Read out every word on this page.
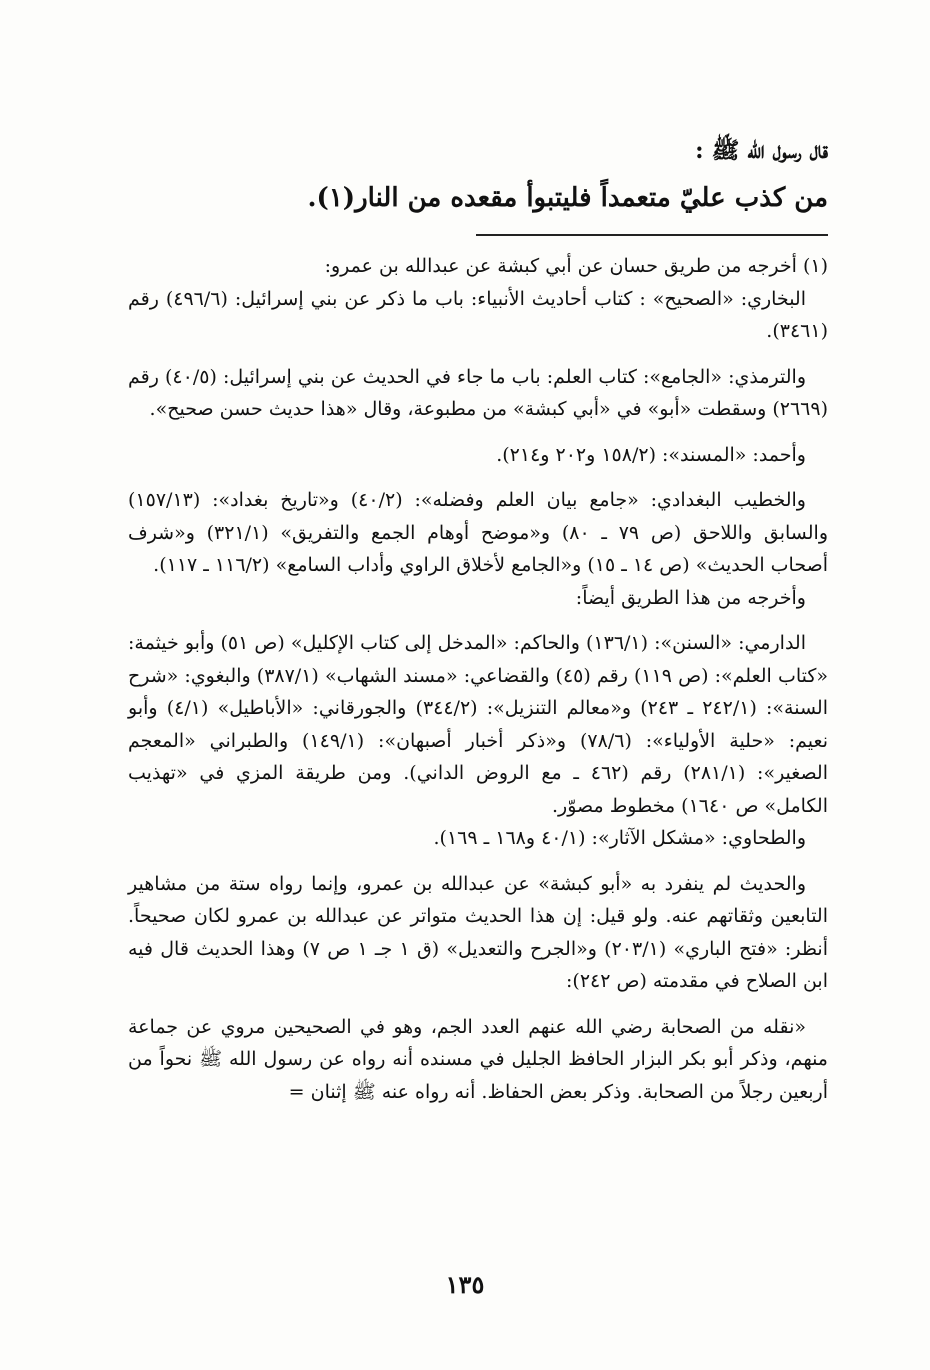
قال رسول الله ﷺ :
من كذب عليّ متعمداً فليتبوأ مقعده من النار(١).

(١) أخرجه من طريق حسان عن أبي كبشة عن عبدالله بن عمرو:

البخاري: «الصحيح» : كتاب أحاديث الأنبياء: باب ما ذكر عن بني إسرائيل: (٤٩٦/٦) رقم (٣٤٦١).

والترمذي: «الجامع»: كتاب العلم: باب ما جاء في الحديث عن بني إسرائيل: (٤٠/٥) رقم (٢٦٦٩) وسقطت «أبو» في «أبي كبشة» من مطبوعة، وقال «هذا حديث حسن صحيح».

وأحمد: «المسند»: (١٥٨/٢ و٢٠٢ و٢١٤).

والخطيب البغدادي: «جامع بيان العلم وفضله»: (٤٠/٢) و«تاريخ بغداد»: (١٥٧/١٣) والسابق واللاحق (ص ٧٩ ـ ٨٠) و«موضح أوهام الجمع والتفريق» (٣٢١/١) و«شرف أصحاب الحديث» (ص ١٤ ـ ١٥) و«الجامع لأخلاق الراوي وأداب السامع» (١١٦/٢ ـ ١١٧).

وأخرجه من هذا الطريق أيضاً:

الدارمي: «السنن»: (١٣٦/١) والحاكم: «المدخل إلى كتاب الإكليل» (ص ٥١) وأبو خيثمة: «كتاب العلم»: (ص ١١٩) رقم (٤٥) والقضاعي: «مسند الشهاب» (٣٨٧/١) والبغوي: «شرح السنة»: (٢٤٢/١ ـ ٢٤٣) و«معالم التنزيل»: (٣٤٤/٢) والجورقاني: «الأباطيل» (٤/١) وأبو نعيم: «حلية الأولياء»: (٧٨/٦) و«ذكر أخبار أصبهان»: (١٤٩/١) والطبراني «المعجم الصغير»: (٢٨١/١) رقم (٤٦٢ ـ مع الروض الداني). ومن طريقة المزي في «تهذيب الكامل» ص ١٦٤٠) مخطوط مصوّر.

والطحاوي: «مشكل الآثار»: (٤٠/١ و١٦٨ ـ ١٦٩).

والحديث لم ينفرد به «أبو كبشة» عن عبدالله بن عمرو، وإنما رواه ستة من مشاهير التابعين وثقاتهم عنه. ولو قيل: إن هذا الحديث متواتر عن عبدالله بن عمرو لكان صحيحاً. أنظر: «فتح الباري» (٢٠٣/١) و«الجرح والتعديل» (ق ١ جـ ١ ص ٧) وهذا الحديث قال فيه ابن الصلاح في مقدمته (ص ٢٤٢):

«نقله من الصحابة رضي الله عنهم العدد الجم، وهو في الصحيحين مروي عن جماعة منهم، وذكر أبو بكر البزار الحافظ الجليل في مسنده أنه رواه عن رسول الله ﷺ نحواً من أربعين رجلاً من الصحابة. وذكر بعض الحفاظ. أنه رواه عنه ﷺ إثنان =

١٣٥
